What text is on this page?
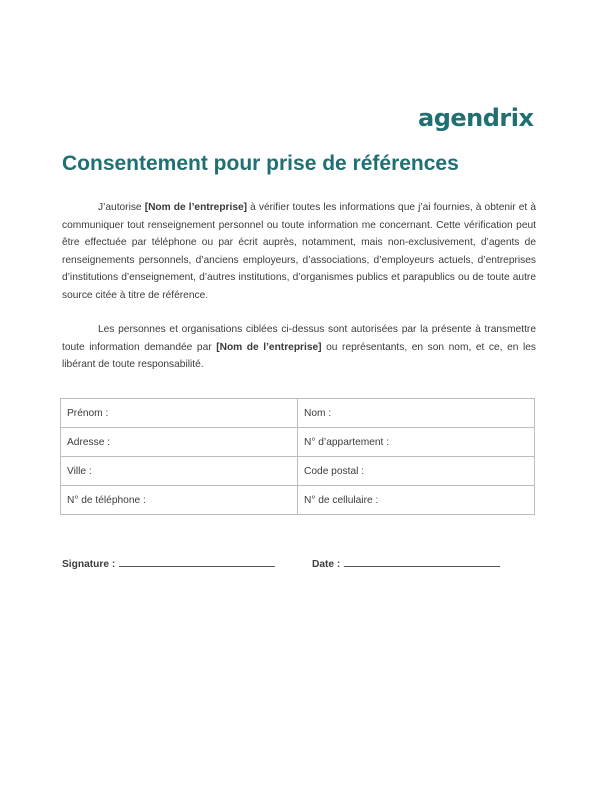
agendrix
Consentement pour prise de références

J’autorise [Nom de l’entreprise] à vérifier toutes les informations que j’ai fournies, à obtenir et à communiquer tout renseignement personnel ou toute information me concernant. Cette vérification peut être effectuée par téléphone ou par écrit auprès, notamment, mais non-exclusivement, d’agents de renseignements personnels, d’anciens employeurs, d’associations, d’employeurs actuels, d’entreprises d’institutions d’enseignement, d’autres institutions, d’organismes publics et parapublics ou de toute autre source citée à titre de référence.

Les personnes et organisations ciblées ci-dessus sont autorisées par la présente à transmettre toute information demandée par [Nom de l’entreprise] ou représentants, en son nom, et ce, en les libérant de toute responsabilité.

Prénom :	Nom :
Adresse :	N° d’appartement :
Ville :	Code postal :
N° de téléphone :	N° de cellulaire :
Signature :	Date :
